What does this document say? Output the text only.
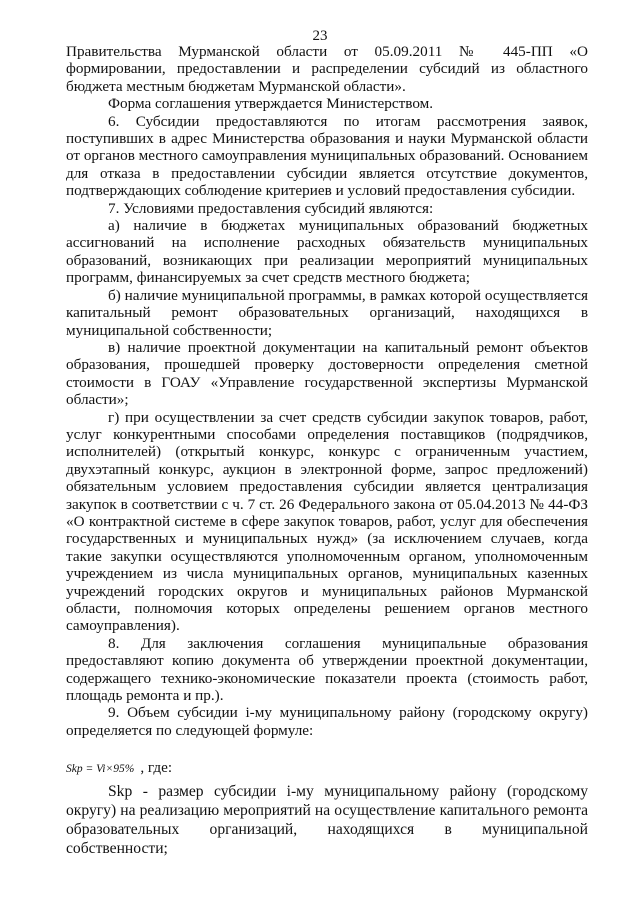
23

Правительства Мурманской области от 05.09.2011 № 445-ПП «О формировании, предоставлении и распределении субсидий из областного бюджета местным бюджетам Мурманской области».

Форма соглашения утверждается Министерством.

6. Субсидии предоставляются по итогам рассмотрения заявок, поступивших в адрес Министерства образования и науки Мурманской области от органов местного самоуправления муниципальных образований. Основанием для отказа в предоставлении субсидии является отсутствие документов, подтверждающих соблюдение критериев и условий предоставления субсидии.

7. Условиями предоставления субсидий являются:

а) наличие в бюджетах муниципальных образований бюджетных ассигнований на исполнение расходных обязательств муниципальных образований, возникающих при реализации мероприятий муниципальных программ, финансируемых за счет средств местного бюджета;

б) наличие муниципальной программы, в рамках которой осуществляется капитальный ремонт образовательных организаций, находящихся в муниципальной собственности;

в) наличие проектной документации на капитальный ремонт объектов образования, прошедшей проверку достоверности определения сметной стоимости в ГОАУ «Управление государственной экспертизы Мурманской области»;

г) при осуществлении за счет средств субсидии закупок товаров, работ, услуг конкурентными способами определения поставщиков (подрядчиков, исполнителей) (открытый конкурс, конкурс с ограниченным участием, двухэтапный конкурс, аукцион в электронной форме, запрос предложений) обязательным условием предоставления субсидии является централизация закупок в соответствии с ч. 7 ст. 26 Федерального закона от 05.04.2013 № 44-ФЗ «О контрактной системе в сфере закупок товаров, работ, услуг для обеспечения государственных и муниципальных нужд» (за исключением случаев, когда такие закупки осуществляются уполномоченным органом, уполномоченным учреждением из числа муниципальных органов, муниципальных казенных учреждений городских округов и муниципальных районов Мурманской области, полномочия которых определены решением органов местного самоуправления).

8. Для заключения соглашения муниципальные образования предоставляют копию документа об утверждении проектной документации, содержащего технико-экономические показатели проекта (стоимость работ, площадь ремонта и пр.).

9. Объем субсидии i-му муниципальному району (городскому округу) определяется по следующей формуле:

Skp = Vi×95% , где:

Skp - размер субсидии i-му муниципальному району (городскому округу) на реализацию мероприятий на осуществление капитального ремонта образовательных организаций, находящихся в муниципальной собственности;
